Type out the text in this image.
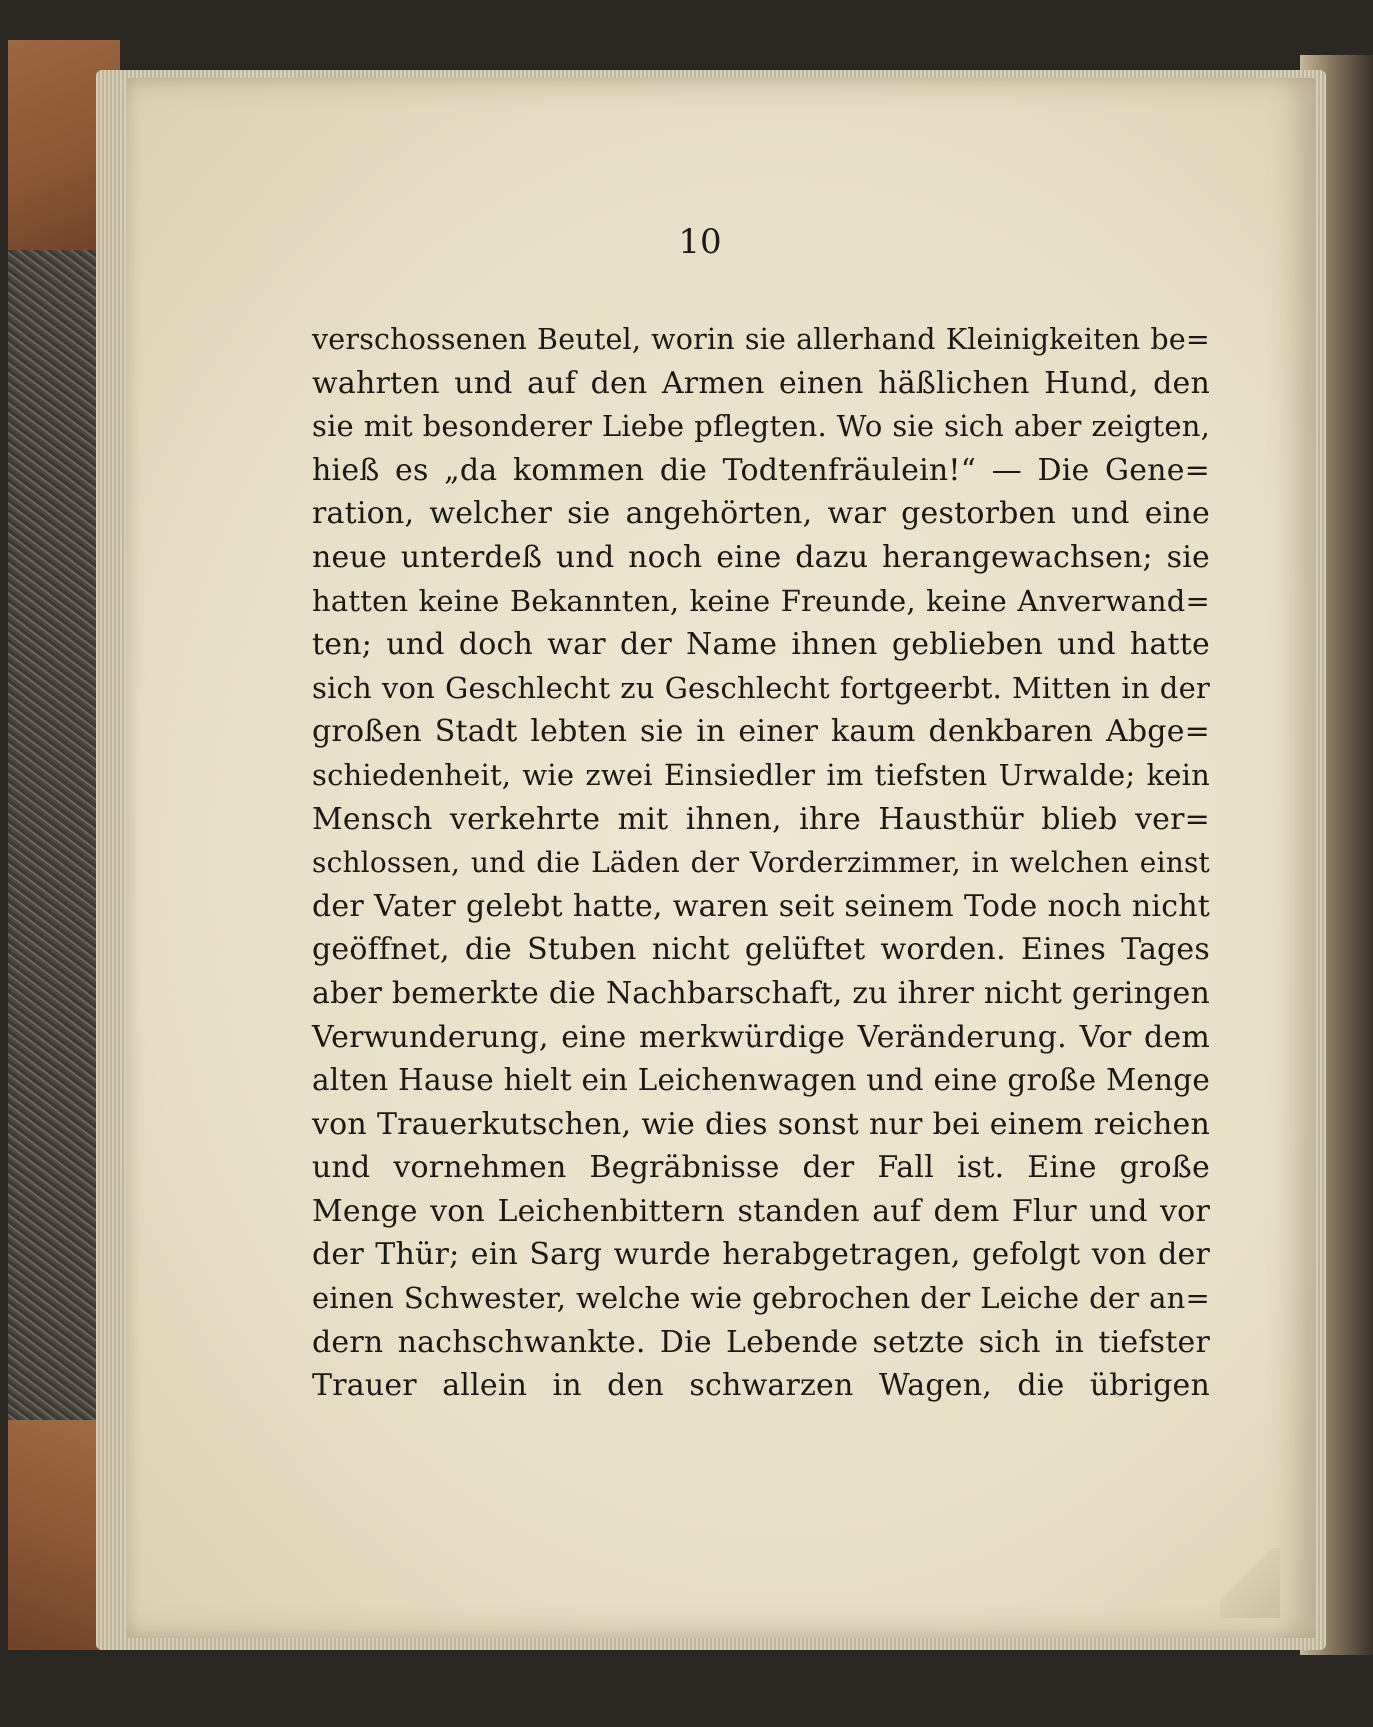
10
verschossenen Beutel, worin sie allerhand Kleinigkeiten be=
wahrten und auf den Armen einen häßlichen Hund, den
sie mit besonderer Liebe pflegten. Wo sie sich aber zeigten,
hieß es „da kommen die Todtenfräulein!“ — Die Gene=
ration, welcher sie angehörten, war gestorben und eine
neue unterdeß und noch eine dazu herangewachsen; sie
hatten keine Bekannten, keine Freunde, keine Anverwand=
ten; und doch war der Name ihnen geblieben und hatte
sich von Geschlecht zu Geschlecht fortgeerbt. Mitten in der
großen Stadt lebten sie in einer kaum denkbaren Abge=
schiedenheit, wie zwei Einsiedler im tiefsten Urwalde; kein
Mensch verkehrte mit ihnen, ihre Hausthür blieb ver=
schlossen, und die Läden der Vorderzimmer, in welchen einst
der Vater gelebt hatte, waren seit seinem Tode noch nicht
geöffnet, die Stuben nicht gelüftet worden. Eines Tages
aber bemerkte die Nachbarschaft, zu ihrer nicht geringen
Verwunderung, eine merkwürdige Veränderung. Vor dem
alten Hause hielt ein Leichenwagen und eine große Menge
von Trauerkutschen, wie dies sonst nur bei einem reichen
und vornehmen Begräbnisse der Fall ist. Eine große
Menge von Leichenbittern standen auf dem Flur und vor
der Thür; ein Sarg wurde herabgetragen, gefolgt von der
einen Schwester, welche wie gebrochen der Leiche der an=
dern nachschwankte. Die Lebende setzte sich in tiefster
Trauer allein in den schwarzen Wagen, die übrigen
